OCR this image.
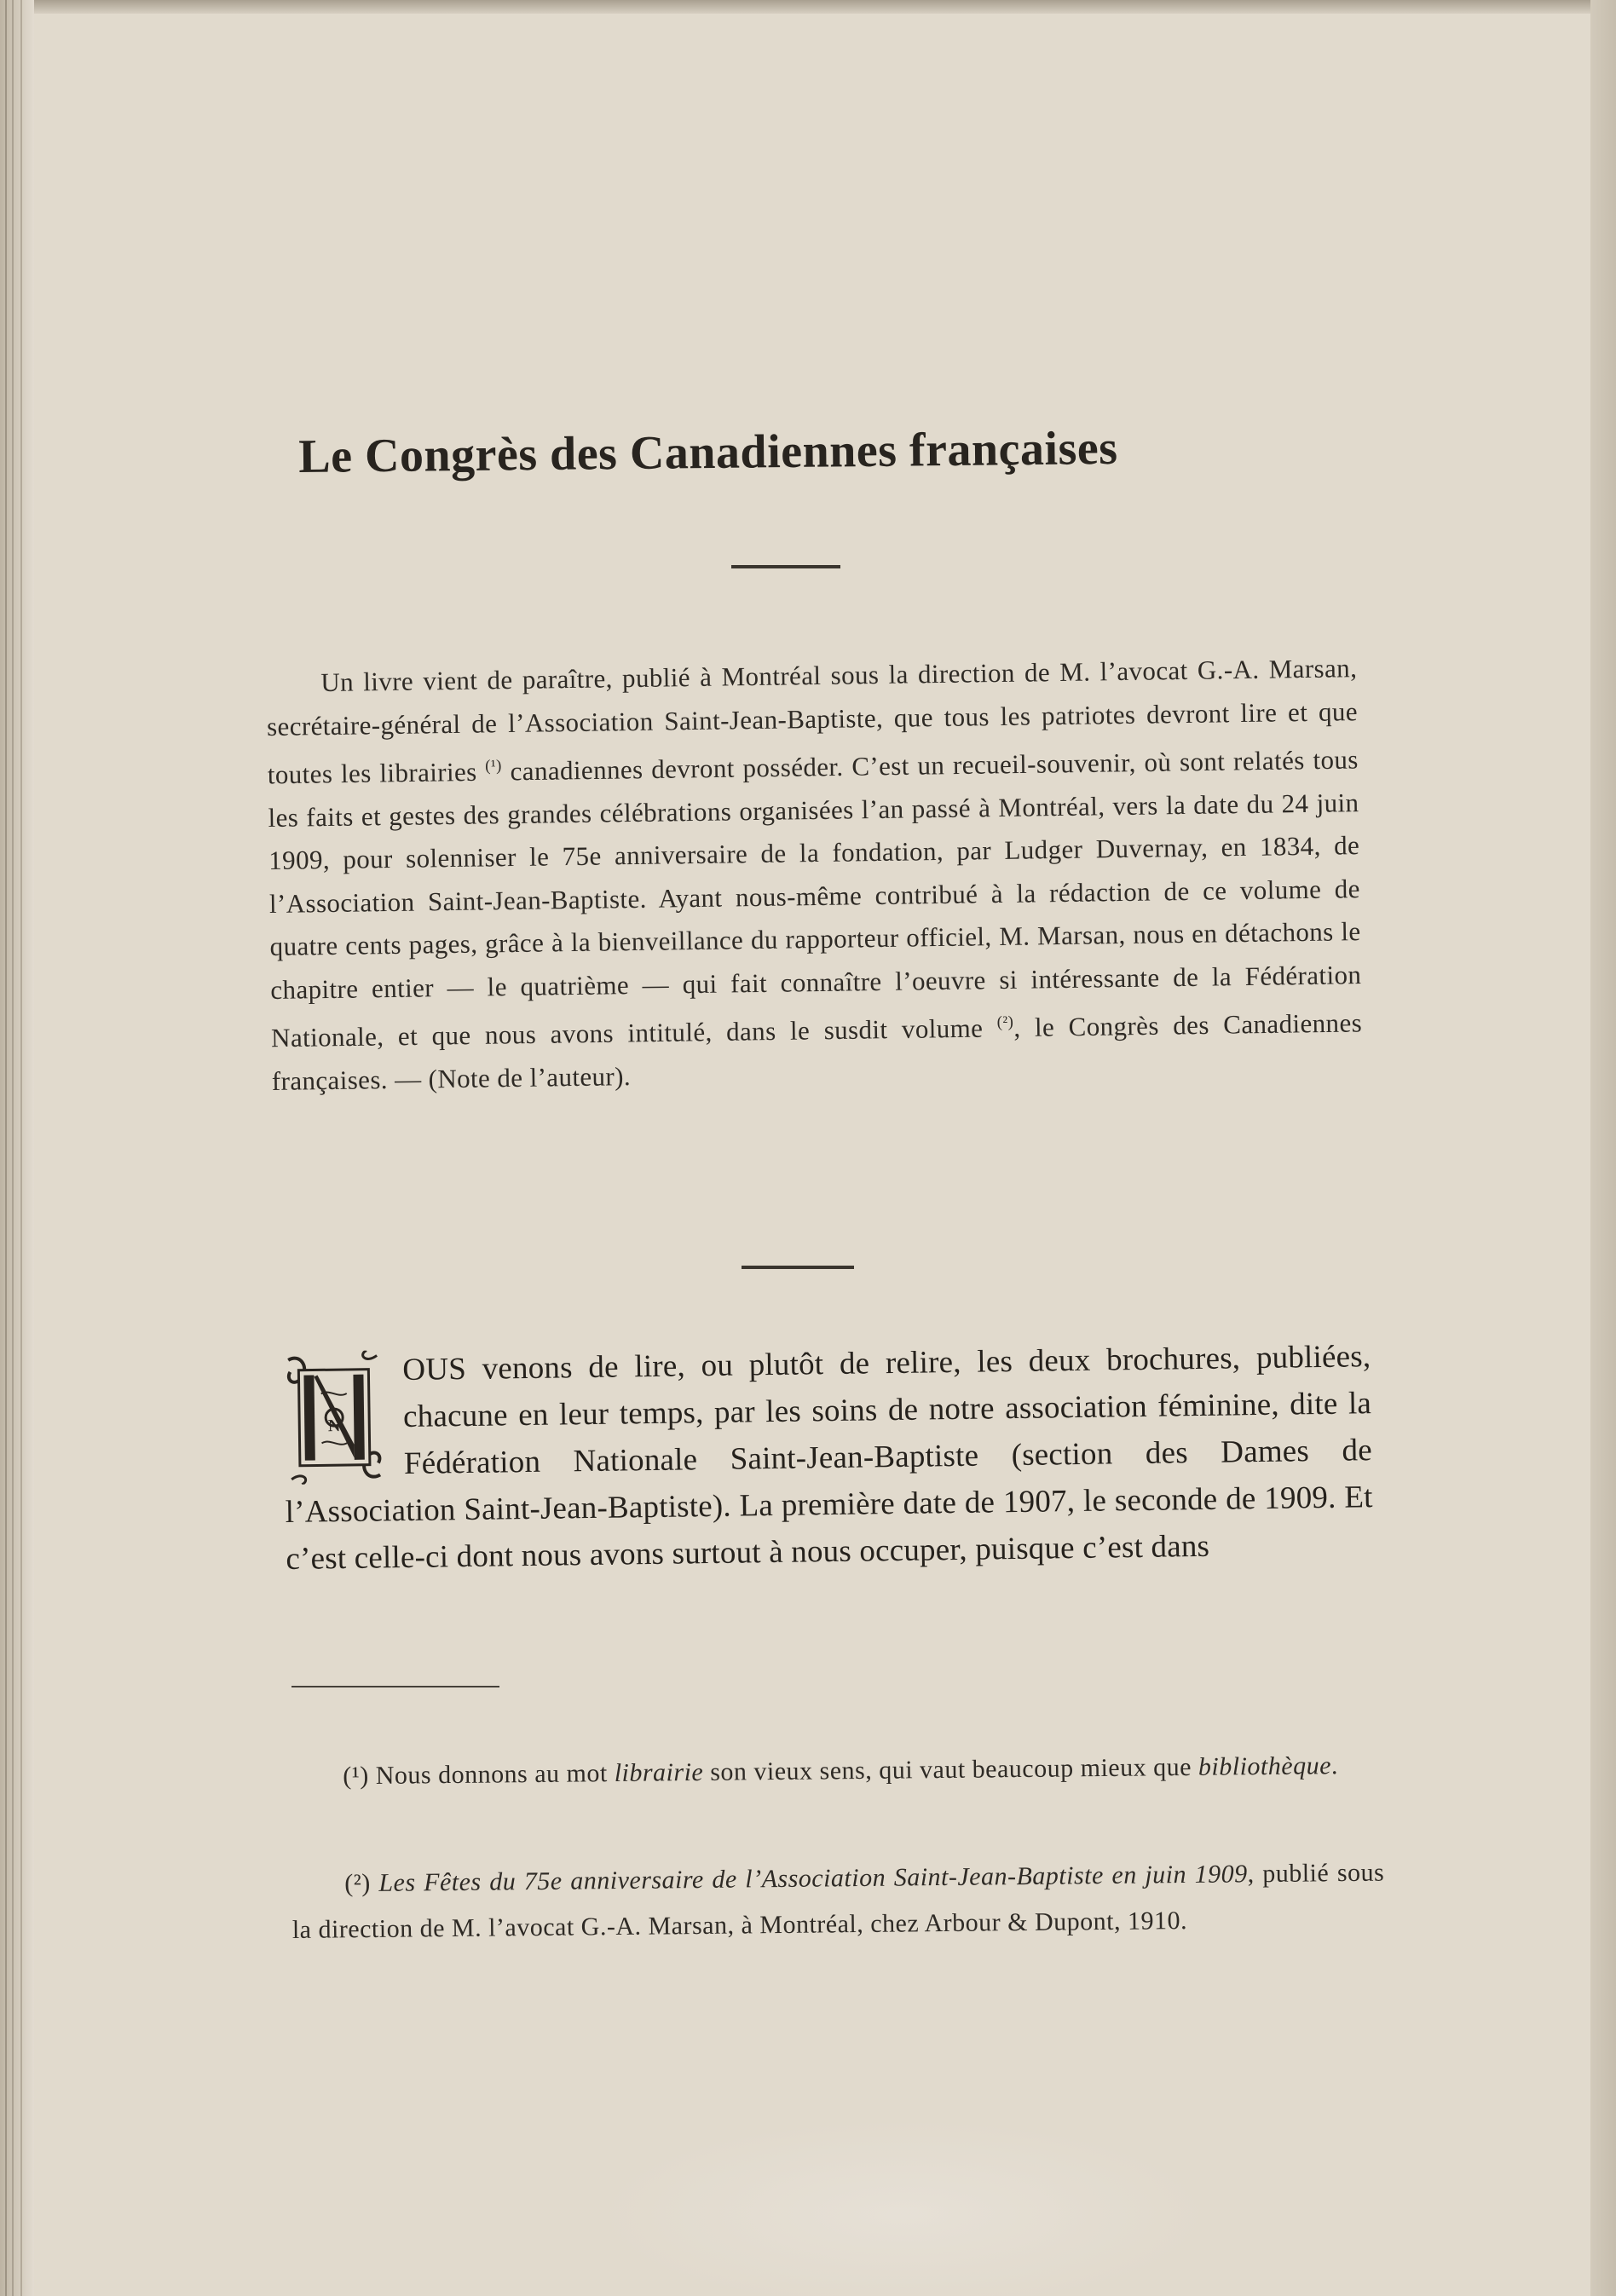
Le Congrès des Canadiennes françaises

Un livre vient de paraître, publié à Montréal sous la direction de M. l’avocat G.-A. Marsan, secrétaire-général de l’Association Saint-Jean-Baptiste, que tous les patriotes devront lire et que toutes les librairies $^{(^1)}$ canadiennes devront posséder. C’est un recueil-souvenir, où sont relatés tous les faits et gestes des grandes célébrations organisées l’an passé à Montréal, vers la date du 24 juin 1909, pour solenniser le 75e anniversaire de la fondation, par Ludger Duvernay, en 1834, de l’Association Saint-Jean-Baptiste. Ayant nous-même contribué à la rédaction de ce volume de quatre cents pages, grâce à la bienveillance du rapporteur officiel, M. Marsan, nous en détachons le chapitre entier — le quatrième — qui fait connaître l’oeuvre si intéressante de la Fédération Nationale, et que nous avons intitulé, dans le susdit volume $^{(^2)}$, le Congrès des Canadiennes françaises. — (Note de l’auteur).

N
OUS venons de lire, ou plutôt de relire, les deux brochures, publiées, chacune en leur temps, par les soins de notre association féminine, dite la Fédération Nationale Saint-Jean-Baptiste (section des Dames de l’Association Saint-Jean-Baptiste). La première date de 1907, le seconde de 1909. Et c’est celle-ci dont nous avons surtout à nous occuper, puisque c’est dans

(¹) Nous donnons au mot librairie son vieux sens, qui vaut beaucoup mieux que bibliothèque.

(²) Les Fêtes du 75e anniversaire de l’Association Saint-Jean-Baptiste en juin 1909, publié sous la direction de M. l’avocat G.-A. Marsan, à Montréal, chez Arbour & Dupont, 1910.
